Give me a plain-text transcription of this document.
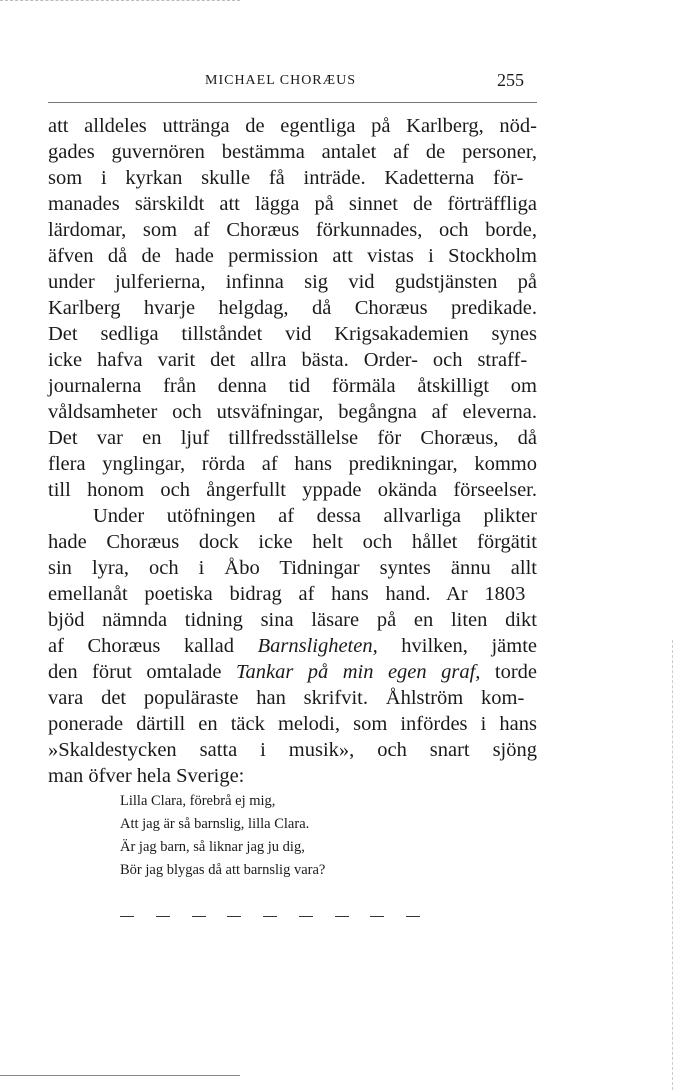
MICHAEL CHORÆUS	255
att alldeles uttränga de egentliga på Karlberg, nöd-
gades guvernören bestämma antalet af de personer,
som i kyrkan skulle få inträde. Kadetterna för-
manades särskildt att lägga på sinnet de förträffliga
lärdomar, som af Choræus förkunnades, och borde,
äfven då de hade permission att vistas i Stockholm
under julferierna, infinna sig vid gudstjänsten på
Karlberg hvarje helgdag, då Choræus predikade.
Det sedliga tillståndet vid Krigsakademien synes
icke hafva varit det allra bästa. Order- och straff-
journalerna från denna tid förmäla åtskilligt om
våldsamheter och utsväfningar, begångna af eleverna.
Det var en ljuf tillfredsställelse för Choræus, då
flera ynglingar, rörda af hans predikningar, kommo
till honom och ångerfullt yppade okända förseelser.
Under utöfningen af dessa allvarliga plikter
hade Choræus dock icke helt och hållet förgätit
sin lyra, och i Åbo Tidningar syntes ännu allt
emellanåt poetiska bidrag af hans hand. Ar 1803
bjöd nämnda tidning sina läsare på en liten dikt
af Choræus kallad Barnsligheten, hvilken, jämte
den förut omtalade Tankar på min egen graf, torde
vara det populäraste han skrifvit. Åhlström kom-
ponerade därtill en täck melodi, som infördes i hans
»Skaldestycken satta i musik», och snart sjöng
man öfver hela Sverige:
Lilla Clara, förebrå ej mig,
Att jag är så barnslig, lilla Clara.
Är jag barn, så liknar jag ju dig,
Bör jag blygas då att barnslig vara?
